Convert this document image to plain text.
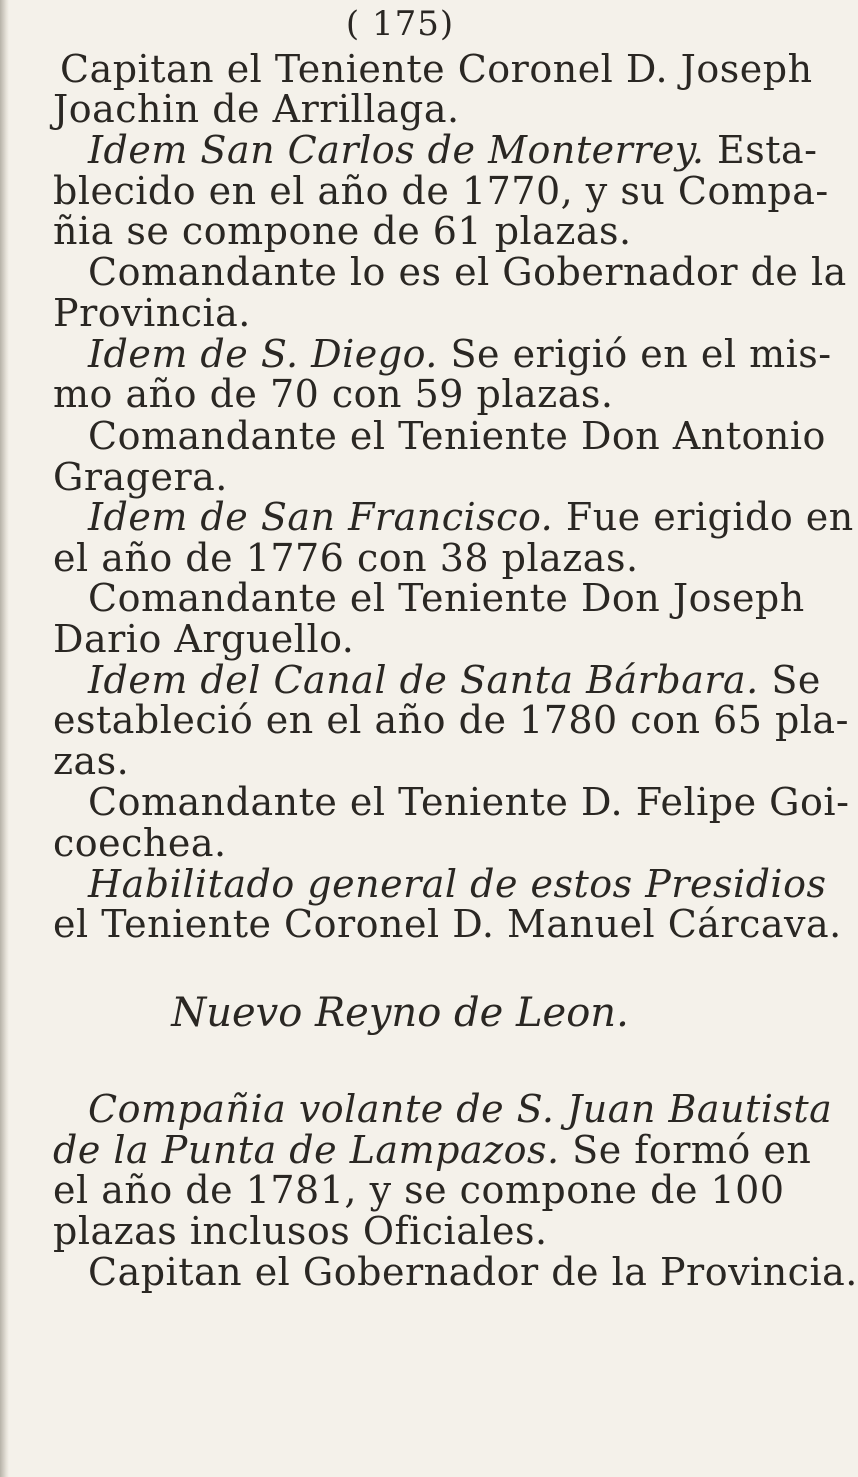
( 175)
Capitan el Teniente Coronel D. Joseph
Joachin de Arrillaga.
Idem San Carlos de Monterrey. Esta-
blecido en el año de 1770, y su Compa-
ñia se compone de 61 plazas.
Comandante lo es el Gobernador de la
Provincia.
Idem de S. Diego. Se erigió en el mis-
mo año de 70 con 59 plazas.
Comandante el Teniente Don Antonio
Gragera.
Idem de San Francisco. Fue erigido en
el año de 1776 con 38 plazas.
Comandante el Teniente Don Joseph
Dario Arguello.
Idem del Canal de Santa Bárbara. Se
estableció en el año de 1780 con 65 pla-
zas.
Comandante el Teniente D. Felipe Goi-
coechea.
Habilitado general de estos Presidios
el Teniente Coronel D. Manuel Cárcava.
Nuevo Reyno de Leon.
Compañia volante de S. Juan Bautista
de la Punta de Lampazos. Se formó en
el año de 1781, y se compone de 100
plazas inclusos Oficiales.
Capitan el Gobernador de la Provincia.
